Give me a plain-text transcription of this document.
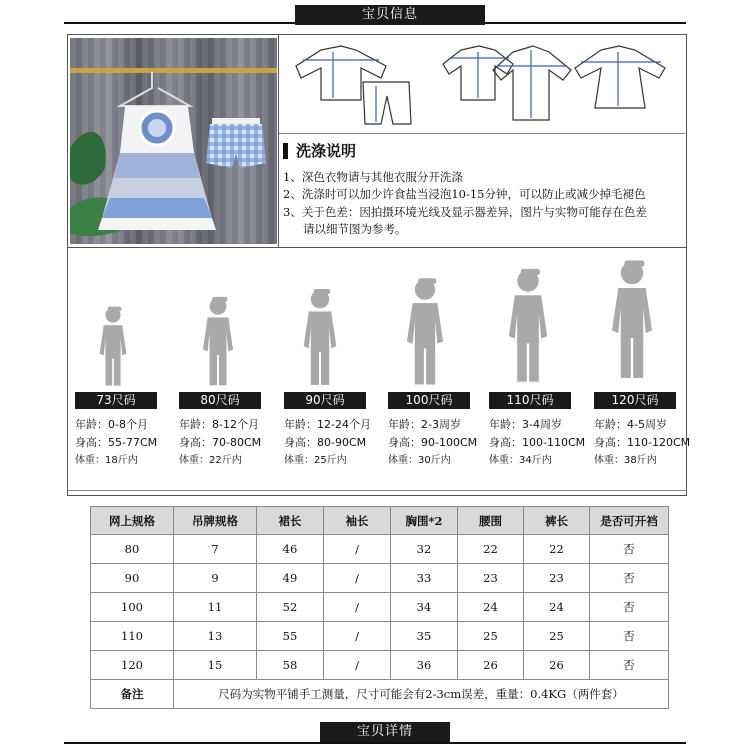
宝贝信息
洗涤说明
1、深色衣物请与其他衣服分开洗涤
2、洗涤时可以加少许食盐当浸泡10-15分钟，可以防止或减少掉毛褪色
3、关于色差：因拍摄环境光线及显示器差异，图片与实物可能存在色差
请以细节图为参考。
73尺码	80尺码	90尺码	100尺码	110尺码	120尺码
年龄：0-8个月
身高：55-77CM
体重：18斤内
年龄：8-12个月
身高：70-80CM
体重：22斤内
年龄：12-24个月
身高：80-90CM
体重：25斤内
年龄：2-3周岁
身高：90-100CM
体重：30斤内
年龄：3-4周岁
身高：100-110CM
体重：34斤内
年龄：4-5周岁
身高：110-120CM
体重：38斤内
网上规格	吊牌规格	裙长	袖长	胸围*2	腰围	裤长	是否可开裆
80	7	46	/	32	22	22	否
90	9	49	/	33	23	23	否
100	11	52	/	34	24	24	否
110	13	55	/	35	25	25	否
120	15	58	/	36	26	26	否
备注	尺码为实物平铺手工测量，尺寸可能会有2-3cm误差，重量：0.4KG（两件套）						
宝贝详情
